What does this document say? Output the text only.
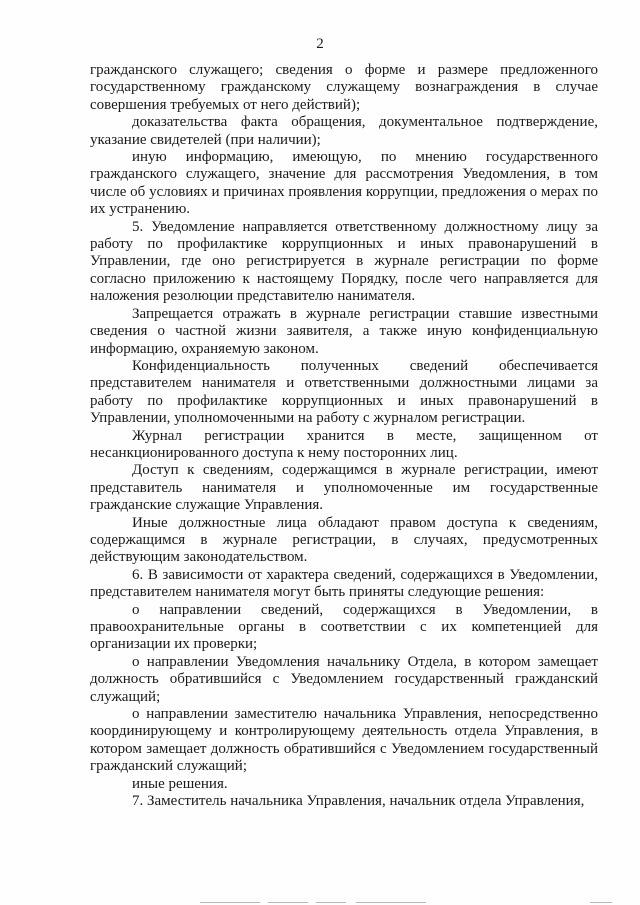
2

гражданского служащего; сведения о форме и размере предложенного государственному гражданскому служащему вознаграждения в случае совершения требуемых от него действий);

доказательства факта обращения, документальное подтверждение, указание свидетелей (при наличии);

иную информацию, имеющую, по мнению государственного гражданского служащего, значение для рассмотрения Уведомления, в том числе об условиях и причинах проявления коррупции, предложения о мерах по их устранению.

5. Уведомление направляется ответственному должностному лицу за работу по профилактике коррупционных и иных правонарушений в Управлении, где оно регистрируется в журнале регистрации по форме согласно приложению к настоящему Порядку, после чего направляется для наложения резолюции представителю нанимателя.

Запрещается отражать в журнале регистрации ставшие известными сведения о частной жизни заявителя, а также иную конфиденциальную информацию, охраняемую законом.

Конфиденциальность полученных сведений обеспечивается представителем нанимателя и ответственными должностными лицами за работу по профилактике коррупционных и иных правонарушений в Управлении, уполномоченными на работу с журналом регистрации.

Журнал регистрации хранится в месте, защищенном от несанкционированного доступа к нему посторонних лиц.

Доступ к сведениям, содержащимся в журнале регистрации, имеют представитель нанимателя и уполномоченные им государственные гражданские служащие Управления.

Иные должностные лица обладают правом доступа к сведениям, содержащимся в журнале регистрации, в случаях, предусмотренных действующим законодательством.

6. В зависимости от характера сведений, содержащихся в Уведомлении, представителем нанимателя могут быть приняты следующие решения:

о направлении сведений, содержащихся в Уведомлении, в правоохранительные органы в соответствии с их компетенцией для организации их проверки;

о направлении Уведомления начальнику Отдела, в котором замещает должность обратившийся с Уведомлением государственный гражданский служащий;

о направлении заместителю начальника Управления, непосредственно координирующему и контролирующему деятельность отдела Управления, в котором замещает должность обратившийся с Уведомлением государственный гражданский служащий;

иные решения.

7. Заместитель начальника Управления, начальник отдела Управления,
